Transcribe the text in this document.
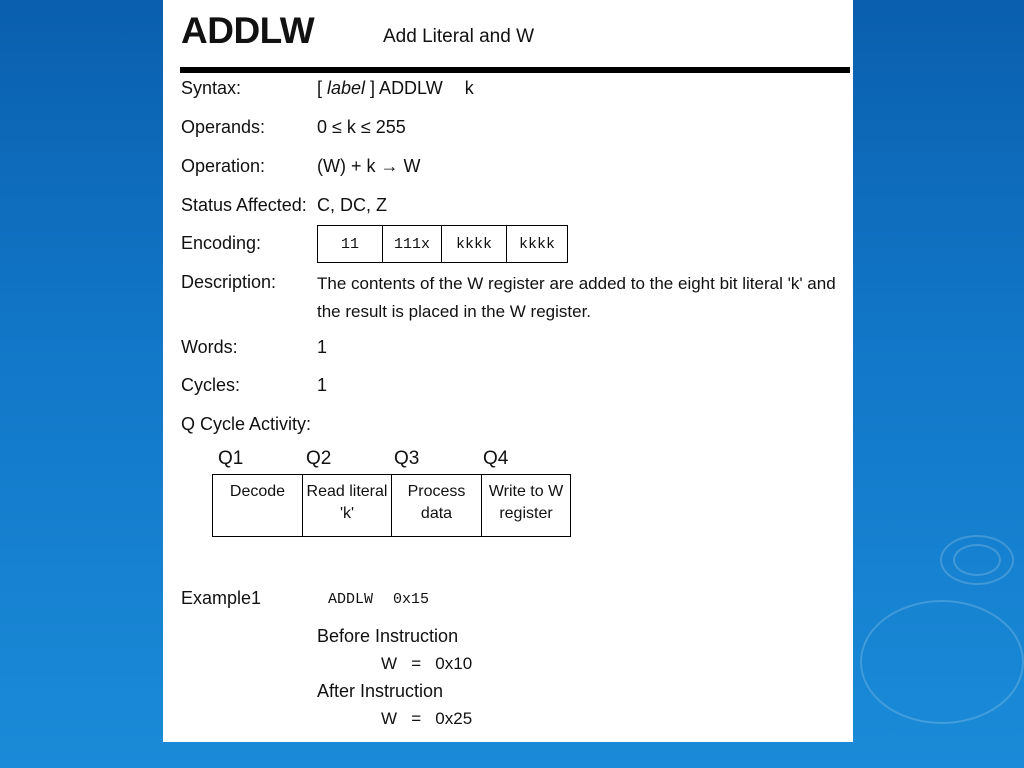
ADDLW	Add Literal and W
Syntax:	[ label ] ADDLW k
Operands:	0 ≤ k ≤ 255
Operation:	(W) + k → W
Status Affected: C, DC, Z
Encoding:	11	111x	kkkk	kkkk
Description: The contents of the W register are added to the eight bit literal 'k' and the result is placed in the W register.
Words:	1
Cycles:	1
Q Cycle Activity:
Q1	Q2	Q3	Q4
Decode	Read literal 'k'	Process data	Write to W register
Example1	ADDLW 0x15
Before Instruction
W   =   0x10
After Instruction
W   =   0x25
